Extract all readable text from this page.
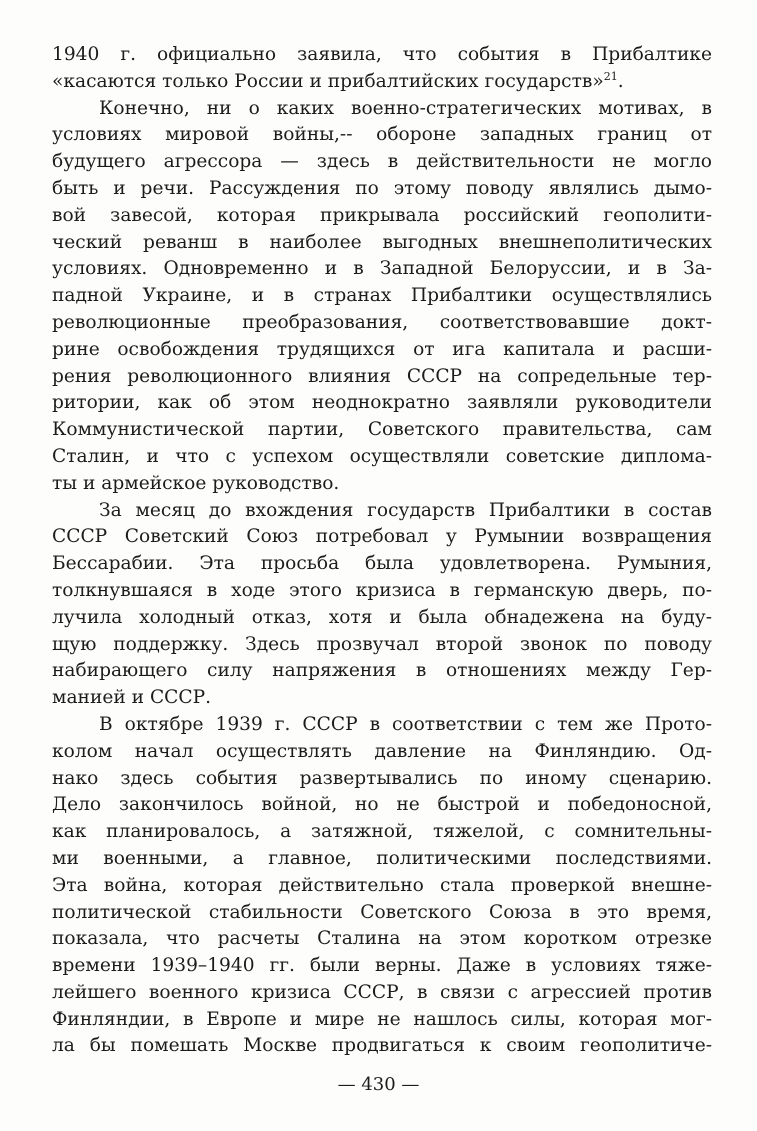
1940 г. официально заявила, что события в Прибалтике
«касаются только России и прибалтийских государств»$^{21}$.
Конечно, ни о каких военно-стратегических мотивах, в
условиях мировой войны,-- обороне западных границ от
будущего агрессора — здесь в действительности не могло
быть и речи. Рассуждения по этому поводу являлись дымо-
вой завесой, которая прикрывала российский геополити-
ческий реванш в наиболее выгодных внешнеполитических
условиях. Одновременно и в Западной Белоруссии, и в За-
падной Украине, и в странах Прибалтики осуществлялись
революционные преобразования, соответствовавшие докт-
рине освобождения трудящихся от ига капитала и расши-
рения революционного влияния СССР на сопредельные тер-
ритории, как об этом неоднократно заявляли руководители
Коммунистической партии, Советского правительства, сам
Сталин, и что с успехом осуществляли советские диплома-
ты и армейское руководство.
За месяц до вхождения государств Прибалтики в состав
СССР Советский Союз потребовал у Румынии возвращения
Бессарабии. Эта просьба была удовлетворена. Румыния,
толкнувшаяся в ходе этого кризиса в германскую дверь, по-
лучила холодный отказ, хотя и была обнадежена на буду-
щую поддержку. Здесь прозвучал второй звонок по поводу
набирающего силу напряжения в отношениях между Гер-
манией и СССР.
В октябре 1939 г. СССР в соответствии с тем же Прото-
колом начал осуществлять давление на Финляндию. Од-
нако здесь события развертывались по иному сценарию.
Дело закончилось войной, но не быстрой и победоносной,
как планировалось, а затяжной, тяжелой, с сомнительны-
ми военными, а главное, политическими последствиями.
Эта война, которая действительно стала проверкой внешне-
политической стабильности Советского Союза в это время,
показала, что расчеты Сталина на этом коротком отрезке
времени 1939–1940 гг. были верны. Даже в условиях тяже-
лейшего военного кризиса СССР, в связи с агрессией против
Финляндии, в Европе и мире не нашлось силы, которая мог-
ла бы помешать Москве продвигаться к своим геополитиче-
— 430 —
